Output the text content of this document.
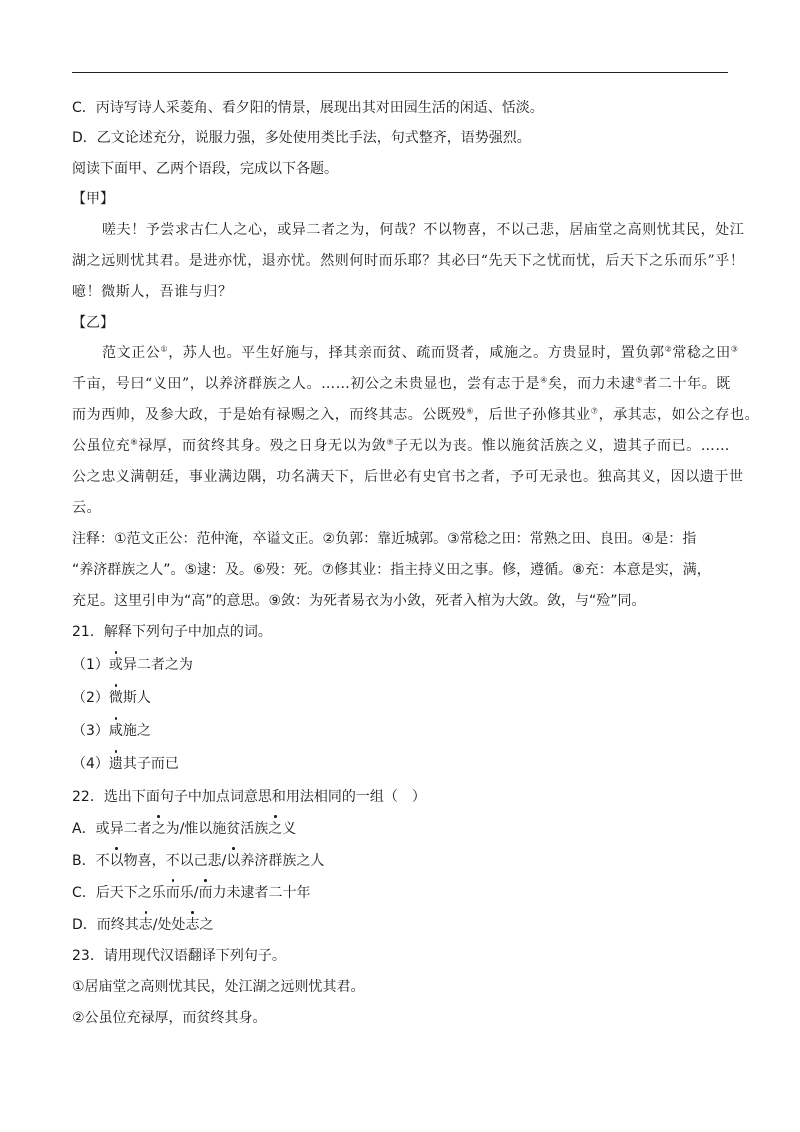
C．丙诗写诗人采菱角、看夕阳的情景，展现出其对田园生活的闲适、恬淡。
D．乙文论述充分，说服力强，多处使用类比手法，句式整齐，语势强烈。
阅读下面甲、乙两个语段，完成以下各题。
【甲】
嗟夫！予尝求古仁人之心，或异二者之为，何哉？不以物喜，不以己悲，居庙堂之高则忧其民，处江
湖之远则忧其君。是进亦忧，退亦忧。然则何时而乐耶？其必曰“先天下之忧而忧，后天下之乐而乐”乎！
噫！微斯人，吾谁与归？
【乙】
范文正公①，苏人也。平生好施与，择其亲而贫、疏而贤者，咸施之。方贵显时，置负郭②常稔之田③
千亩，号曰“义田”，以养济群族之人。……初公之未贵显也，尝有志于是④矣，而力未逮⑤者二十年。既
而为西帅，及参大政，于是始有禄赐之入，而终其志。公既殁⑥，后世子孙修其业⑦，承其志，如公之存也。
公虽位充⑧禄厚，而贫终其身。殁之日身无以为敛⑨子无以为丧。惟以施贫活族之义，遗其子而已。……
公之忠义满朝廷，事业满边隅，功名满天下，后世必有史官书之者，予可无录也。独高其义，因以遗于世
云。
注释：①范文正公：范仲淹，卒谥文正。②负郭：靠近城郭。③常稔之田：常熟之田、良田。④是：指
“养济群族之人”。⑤逮：及。⑥殁：死。⑦修其业：指主持义田之事。修，遵循。⑧充：本意是实，满，
充足。这里引申为“高”的意思。⑨敛：为死者易衣为小敛，死者入棺为大敛。敛，与“殓”同。
21．解释下列句子中加点的词。
（1）或异二者之为
（2）微斯人
（3）咸施之
（4）遗其子而已
22．选出下面句子中加点词意思和用法相同的一组（　）
A．或异二者之为/惟以施贫活族之义
B．不以物喜，不以己悲/以养济群族之人
C．后天下之乐而乐/而力未逮者二十年
D．而终其志/处处志之
23．请用现代汉语翻译下列句子。
①居庙堂之高则忧其民，处江湖之远则忧其君。
②公虽位充禄厚，而贫终其身。
